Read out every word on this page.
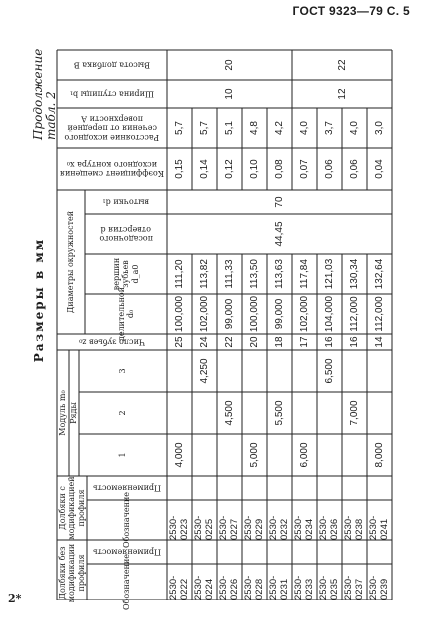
ГОСТ 9323—79 С. 5
2*
Продолжение табл. 2
Размеры в мм
Долбяки без модификации профиля
Долбяки с модификацией профиля
Обозначение
Применяемость
Обозначение
Применяемость
Модуль m₀ Ряды
1
2
3
Число зубьев z₀
Диаметры окружностей
делительной d₀
вершин зубьев d_a0
посадочного отверстия d
выточки d₁
Коэффициент смещения исходного контура x₀
Расстояние исходного сечения от передней поверхности A
Ширина ступицы b₁
Высота долбяка B
2530-0222
2530-0223
4,000
25
100,000
111,20
0,15
5,7
2530-0224
2530-0225
4,250
24
102,000
113,82
0,14
5,7
2530-0226
2530-0227
4,500
22
99,000
111,33
0,12
5,1
2530-0228
2530-0229
5,000
20
100,000
113,50
0,10
4,8
2530-0231
2530-0232
5,500
18
99,000
113,63
0,08
4,2
2530-0233
2530-0234
6,000
17
102,000
117,84
0,07
4,0
2530-0235
2530-0236
6,500
16
104,000
121,03
0,06
3,7
2530-0237
2530-0238
7,000
16
112,000
130,34
0,06
4,0
2530-0239
2530-0241
8,000
14
112,000
132,64
0,04
3,0
44,45
70
10
20
12
22
